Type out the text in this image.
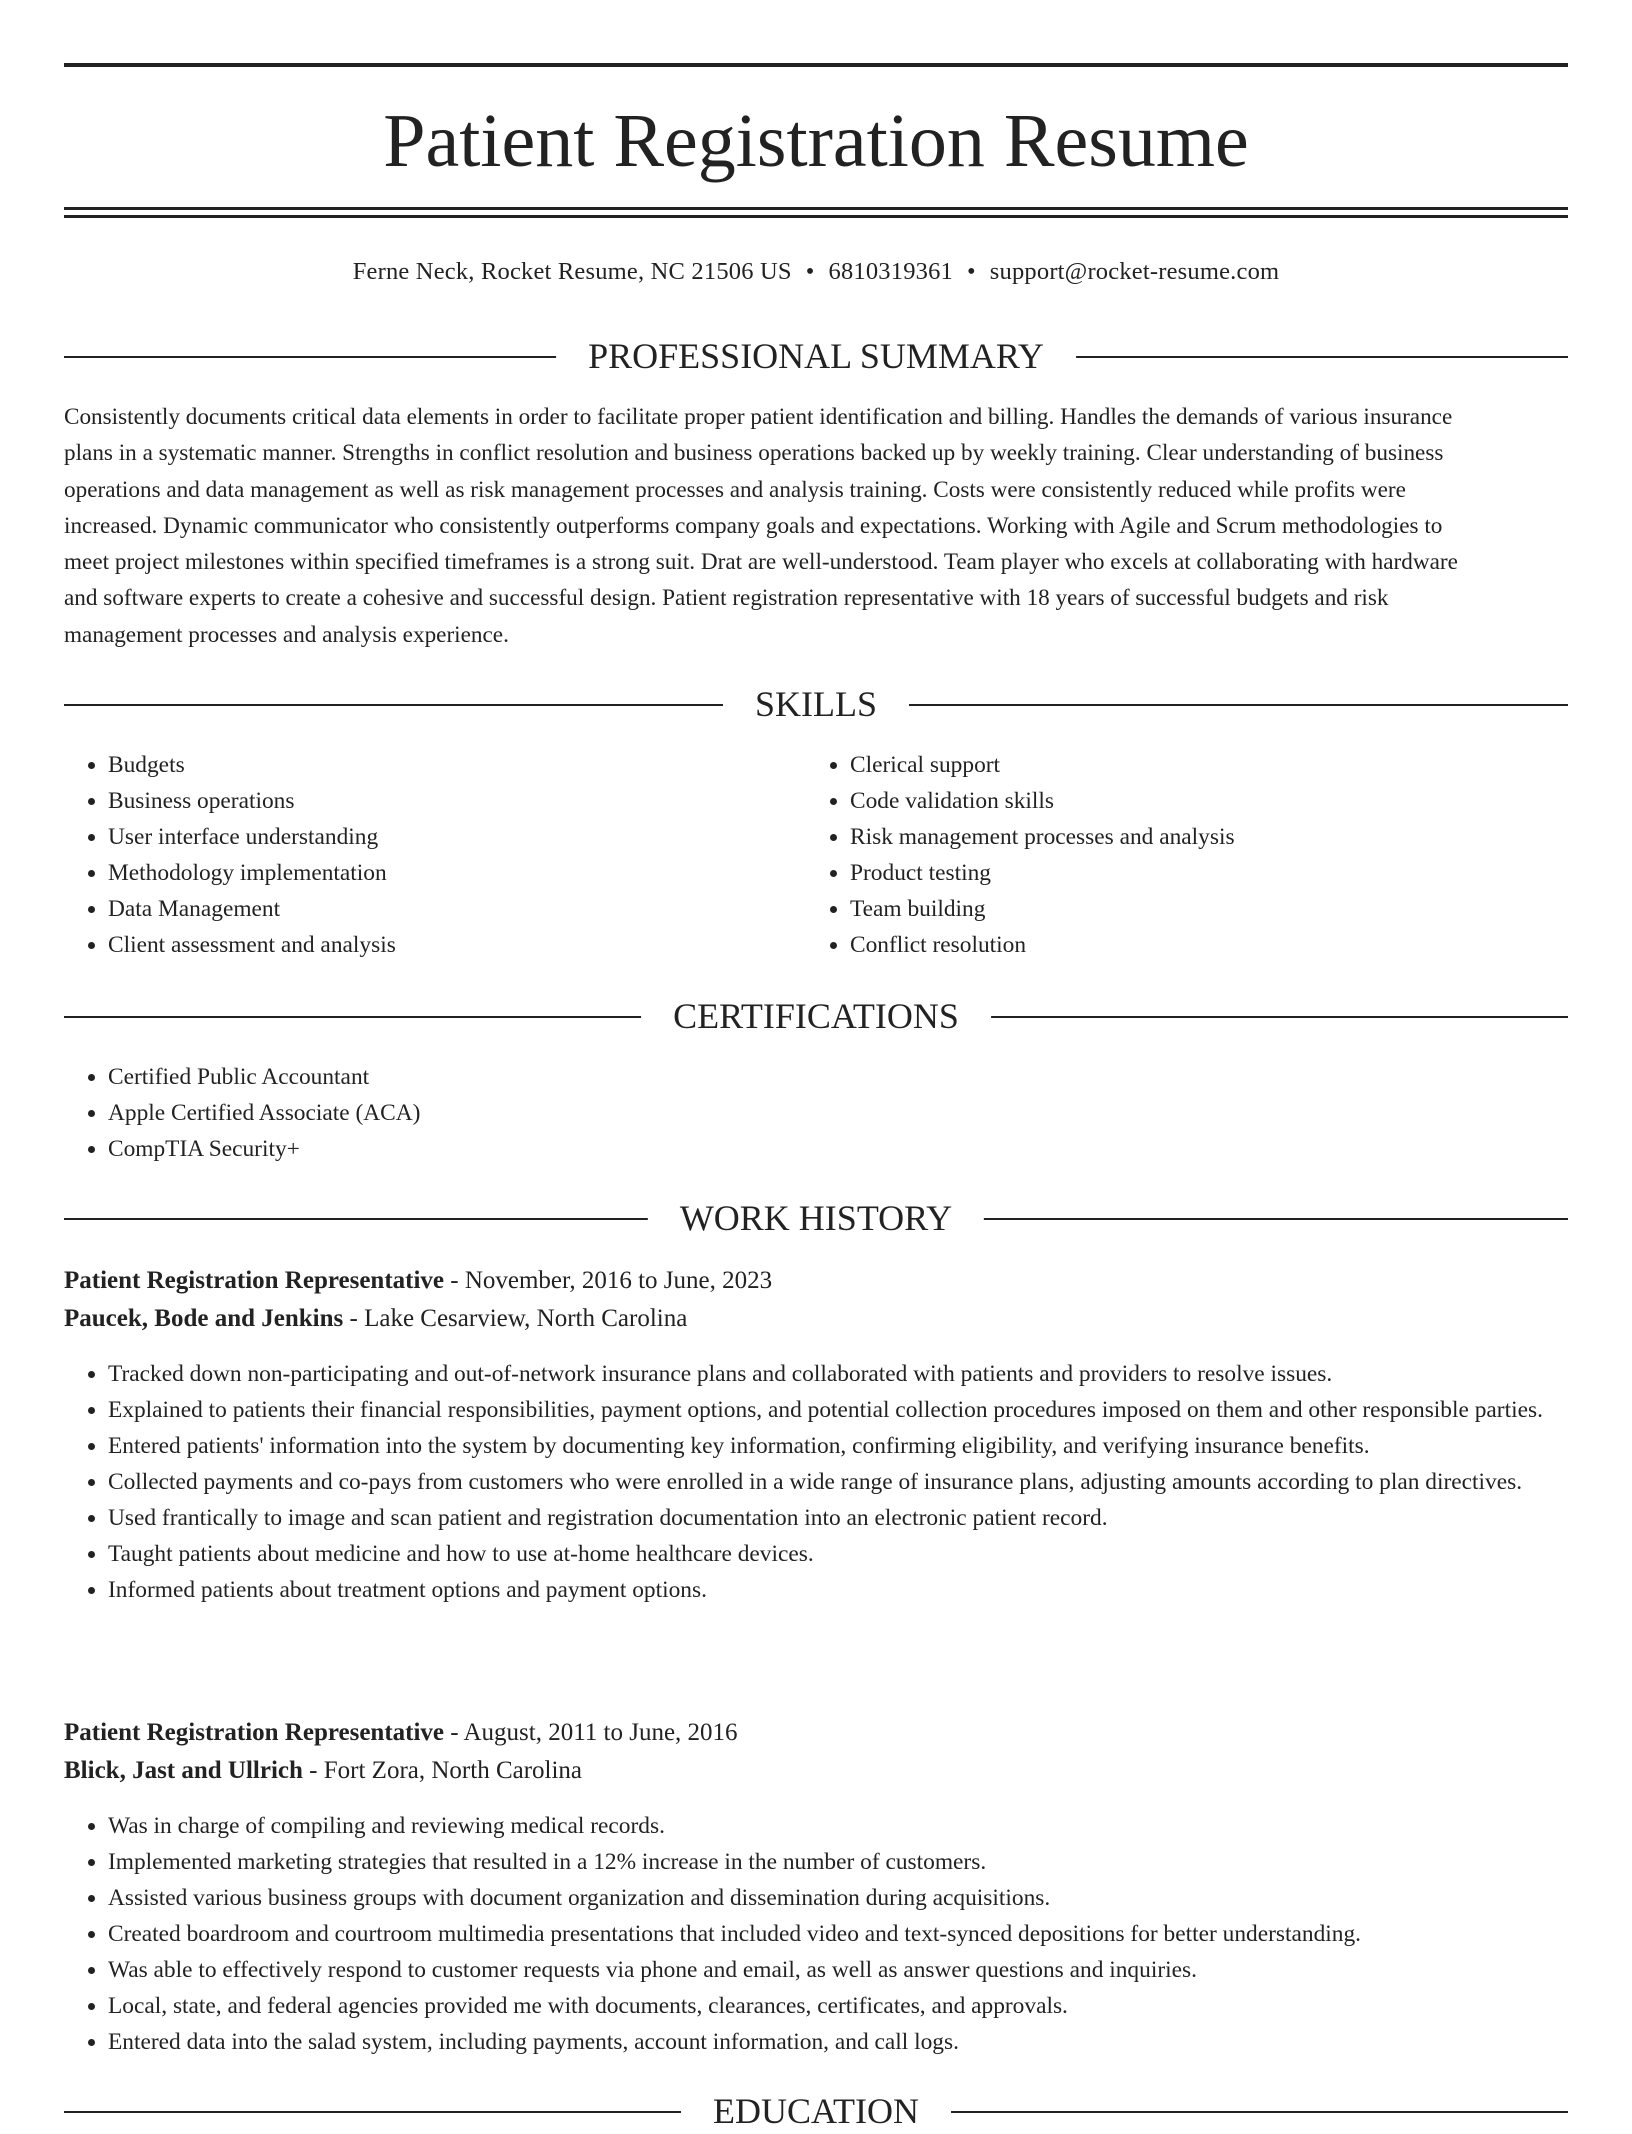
Patient Registration Resume
Ferne Neck, Rocket Resume, NC 21506 US • 6810319361 • support@rocket-resume.com
PROFESSIONAL SUMMARY
Consistently documents critical data elements in order to facilitate proper patient identification and billing. Handles the demands of various insurance
plans in a systematic manner. Strengths in conflict resolution and business operations backed up by weekly training. Clear understanding of business
operations and data management as well as risk management processes and analysis training. Costs were consistently reduced while profits were
increased. Dynamic communicator who consistently outperforms company goals and expectations. Working with Agile and Scrum methodologies to
meet project milestones within specified timeframes is a strong suit. Drat are well-understood. Team player who excels at collaborating with hardware
and software experts to create a cohesive and successful design. Patient registration representative with 18 years of successful budgets and risk
management processes and analysis experience.
SKILLS
• Budgets
• Business operations
• User interface understanding
• Methodology implementation
• Data Management
• Client assessment and analysis
• Clerical support
• Code validation skills
• Risk management processes and analysis
• Product testing
• Team building
• Conflict resolution
CERTIFICATIONS
• Certified Public Accountant
• Apple Certified Associate (ACA)
• CompTIA Security+
WORK HISTORY
Patient Registration Representative - November, 2016 to June, 2023
Paucek, Bode and Jenkins - Lake Cesarview, North Carolina
• Tracked down non-participating and out-of-network insurance plans and collaborated with patients and providers to resolve issues.
• Explained to patients their financial responsibilities, payment options, and potential collection procedures imposed on them and other responsible parties.
• Entered patients' information into the system by documenting key information, confirming eligibility, and verifying insurance benefits.
• Collected payments and co-pays from customers who were enrolled in a wide range of insurance plans, adjusting amounts according to plan directives.
• Used frantically to image and scan patient and registration documentation into an electronic patient record.
• Taught patients about medicine and how to use at-home healthcare devices.
• Informed patients about treatment options and payment options.
Patient Registration Representative - August, 2011 to June, 2016
Blick, Jast and Ullrich - Fort Zora, North Carolina
• Was in charge of compiling and reviewing medical records.
• Implemented marketing strategies that resulted in a 12% increase in the number of customers.
• Assisted various business groups with document organization and dissemination during acquisitions.
• Created boardroom and courtroom multimedia presentations that included video and text-synced depositions for better understanding.
• Was able to effectively respond to customer requests via phone and email, as well as answer questions and inquiries.
• Local, state, and federal agencies provided me with documents, clearances, certificates, and approvals.
• Entered data into the salad system, including payments, account information, and call logs.
EDUCATION
